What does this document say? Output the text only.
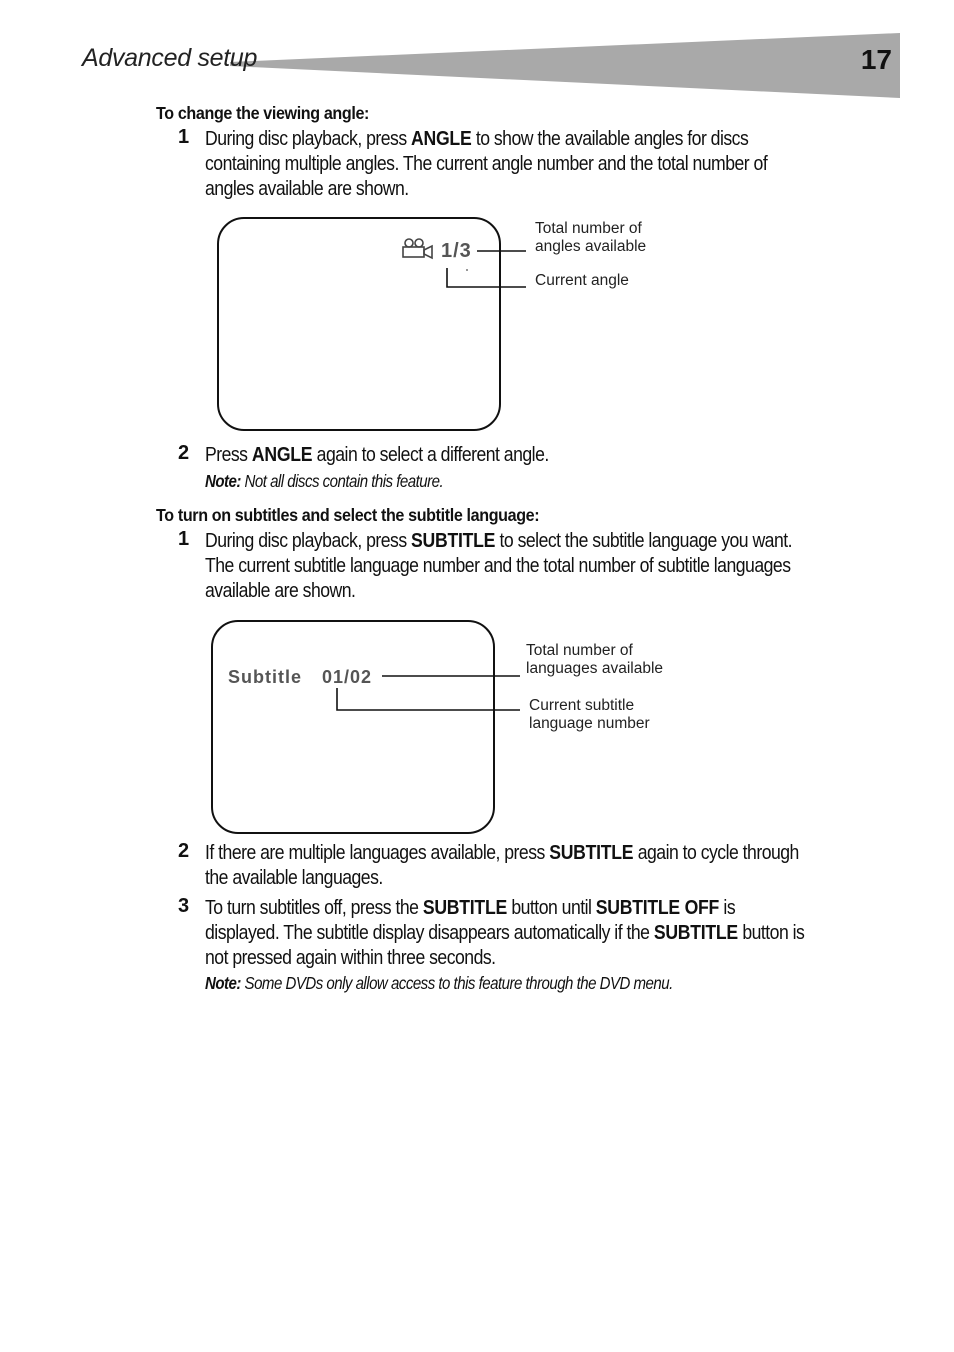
Advanced setup	17
To change the viewing angle:
1 During disc playback, press ANGLE to show the available angles for discs containing multiple angles. The current angle number and the total number of angles available are shown.
1/3
Total number of
angles available
Current angle
2 Press ANGLE again to select a different angle.
Note: Not all discs contain this feature.
To turn on subtitles and select the subtitle language:
1 During disc playback, press SUBTITLE to select the subtitle language you want. The current subtitle language number and the total number of subtitle languages available are shown.
Subtitle 01/02
Total number of
languages available
Current subtitle
language number
2 If there are multiple languages available, press SUBTITLE again to cycle through the available languages.
3 To turn subtitles off, press the SUBTITLE button until SUBTITLE OFF is displayed. The subtitle display disappears automatically if the SUBTITLE button is not pressed again within three seconds.
Note: Some DVDs only allow access to this feature through the DVD menu.
